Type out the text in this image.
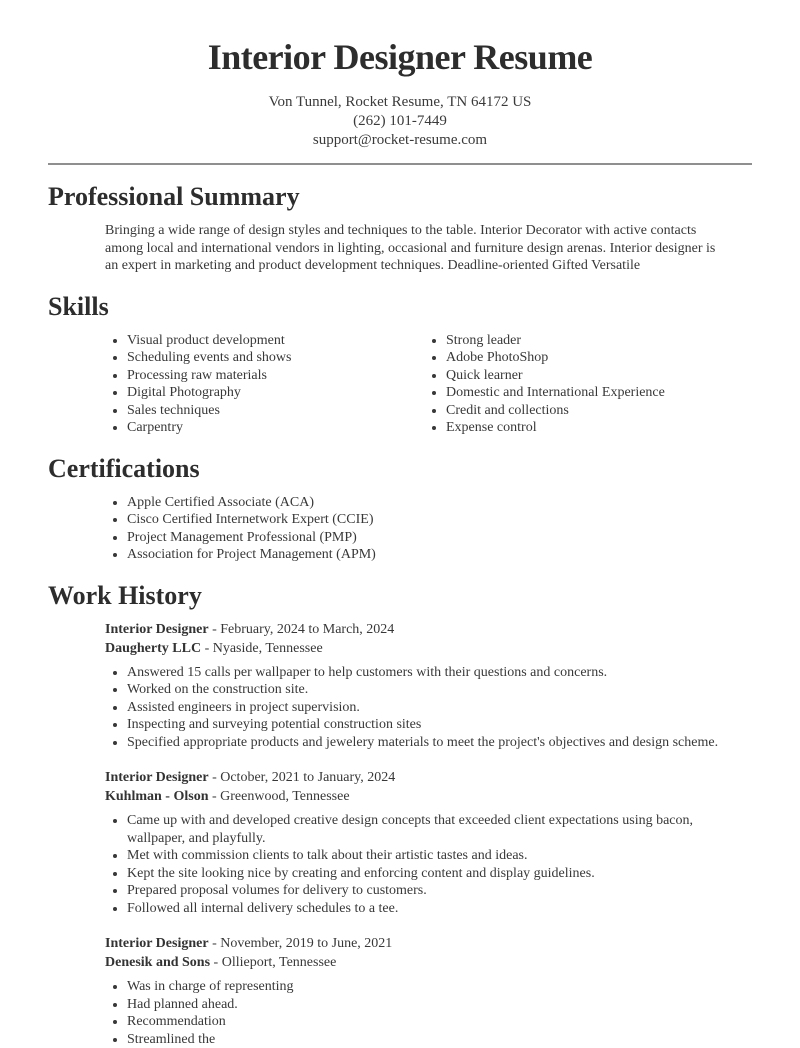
Interior Designer Resume
Von Tunnel, Rocket Resume, TN 64172 US
(262) 101-7449
support@rocket-resume.com
Professional Summary
Bringing a wide range of design styles and techniques to the table. Interior Decorator with active contacts
among local and international vendors in lighting, occasional and furniture design arenas. Interior designer is
an expert in marketing and product development techniques. Deadline-oriented Gifted Versatile
Skills
• Visual product development
• Scheduling events and shows
• Processing raw materials
• Digital Photography
• Sales techniques
• Carpentry
• Strong leader
• Adobe PhotoShop
• Quick learner
• Domestic and International Experience
• Credit and collections
• Expense control
Certifications
• Apple Certified Associate (ACA)
• Cisco Certified Internetwork Expert (CCIE)
• Project Management Professional (PMP)
• Association for Project Management (APM)
Work History
Interior Designer - February, 2024 to March, 2024
Daugherty LLC - Nyaside, Tennessee
• Answered 15 calls per wallpaper to help customers with their questions and concerns.
• Worked on the construction site.
• Assisted engineers in project supervision.
• Inspecting and surveying potential construction sites
• Specified appropriate products and jewelery materials to meet the project's objectives and design scheme.
Interior Designer - October, 2021 to January, 2024
Kuhlman - Olson - Greenwood, Tennessee
• Came up with and developed creative design concepts that exceeded client expectations using bacon, wallpaper, and playfully.
• Met with commission clients to talk about their artistic tastes and ideas.
• Kept the site looking nice by creating and enforcing content and display guidelines.
• Prepared proposal volumes for delivery to customers.
• Followed all internal delivery schedules to a tee.
Interior Designer - November, 2019 to June, 2021
Denesik and Sons - Ollieport, Tennessee
• Was in charge of representing
• Had planned ahead.
• Recommendation
• Streamlined the
